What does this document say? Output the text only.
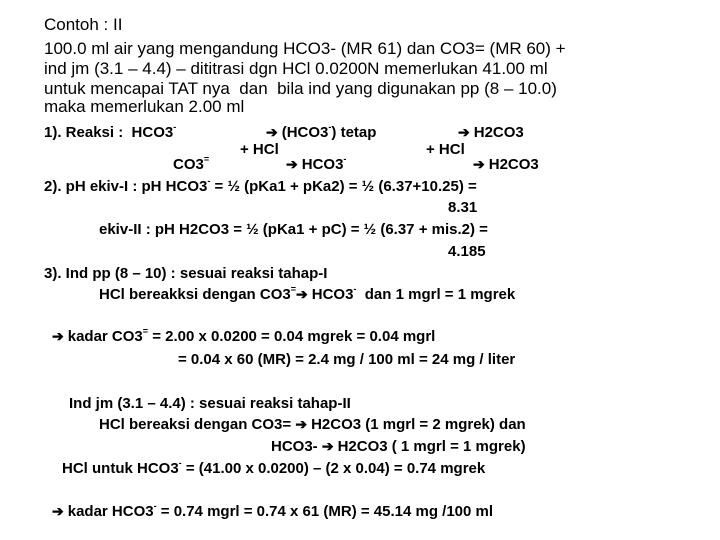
Contoh : II
100.0 ml air yang mengandung HCO3- (MR 61) dan CO3= (MR 60) +
ind jm (3.1 – 4.4) – dititrasi dgn HCl 0.0200N memerlukan 41.00 ml
untuk mencapai TAT nya  dan  bila ind yang digunakan pp (8 – 10.0)
maka memerlukan 2.00 ml
1). Reaksi :  HCO3-	➔ (HCO3-) tetap	➔ H2CO3
+ HCl	+ HCl
CO3=	➔ HCO3-	➔ H2CO3
2). pH ekiv-I : pH HCO3- = ½ (pKa1 + pKa2) = ½ (6.37+10.25) =
8.31
ekiv-II : pH H2CO3 = ½ (pKa1 + pC) = ½ (6.37 + mis.2) =
4.185
3). Ind pp (8 – 10) : sesuai reaksi tahap-I
HCl bereakksi dengan CO3=➔ HCO3-  dan 1 mgrl = 1 mgrek
➔ kadar CO3= = 2.00 x 0.0200 = 0.04 mgrek = 0.04 mgrl
= 0.04 x 60 (MR) = 2.4 mg / 100 ml = 24 mg / liter
Ind jm (3.1 – 4.4) : sesuai reaksi tahap-II
HCl bereaksi dengan CO3= ➔ H2CO3 (1 mgrl = 2 mgrek) dan
HCO3- ➔ H2CO3 ( 1 mgrl = 1 mgrek)
HCl untuk HCO3- = (41.00 x 0.0200) – (2 x 0.04) = 0.74 mgrek
➔ kadar HCO3- = 0.74 mgrl = 0.74 x 61 (MR) = 45.14 mg /100 ml
